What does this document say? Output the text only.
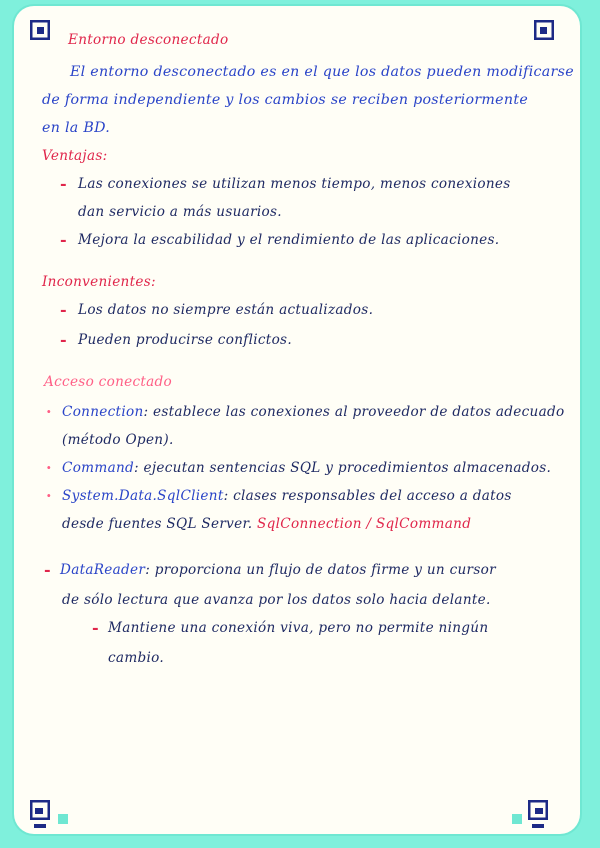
Entorno desconectado
El entorno desconectado es en el que los datos pueden modificarse
de forma independiente y los cambios se reciben posteriormente
en la BD.
Ventajas:
- Las conexiones se utilizan menos tiempo, menos conexiones
dan servicio a más usuarios.
- Mejora la escabilidad y el rendimiento de las aplicaciones.
Inconvenientes:
- Los datos no siempre están actualizados.
- Pueden producirse conflictos.
Acceso conectado
· Connection: establece las conexiones al proveedor de datos adecuado
(método Open).
· Command: ejecutan sentencias SQL y procedimientos almacenados.
· System.Data.SqlClient: clases responsables del acceso a datos
desde fuentes SQL Server. SqlConnection / SqlCommand
- DataReader: proporciona un flujo de datos firme y un cursor
de sólo lectura que avanza por los datos solo hacia delante.
- Mantiene una conexión viva, pero no permite ningún
cambio.
